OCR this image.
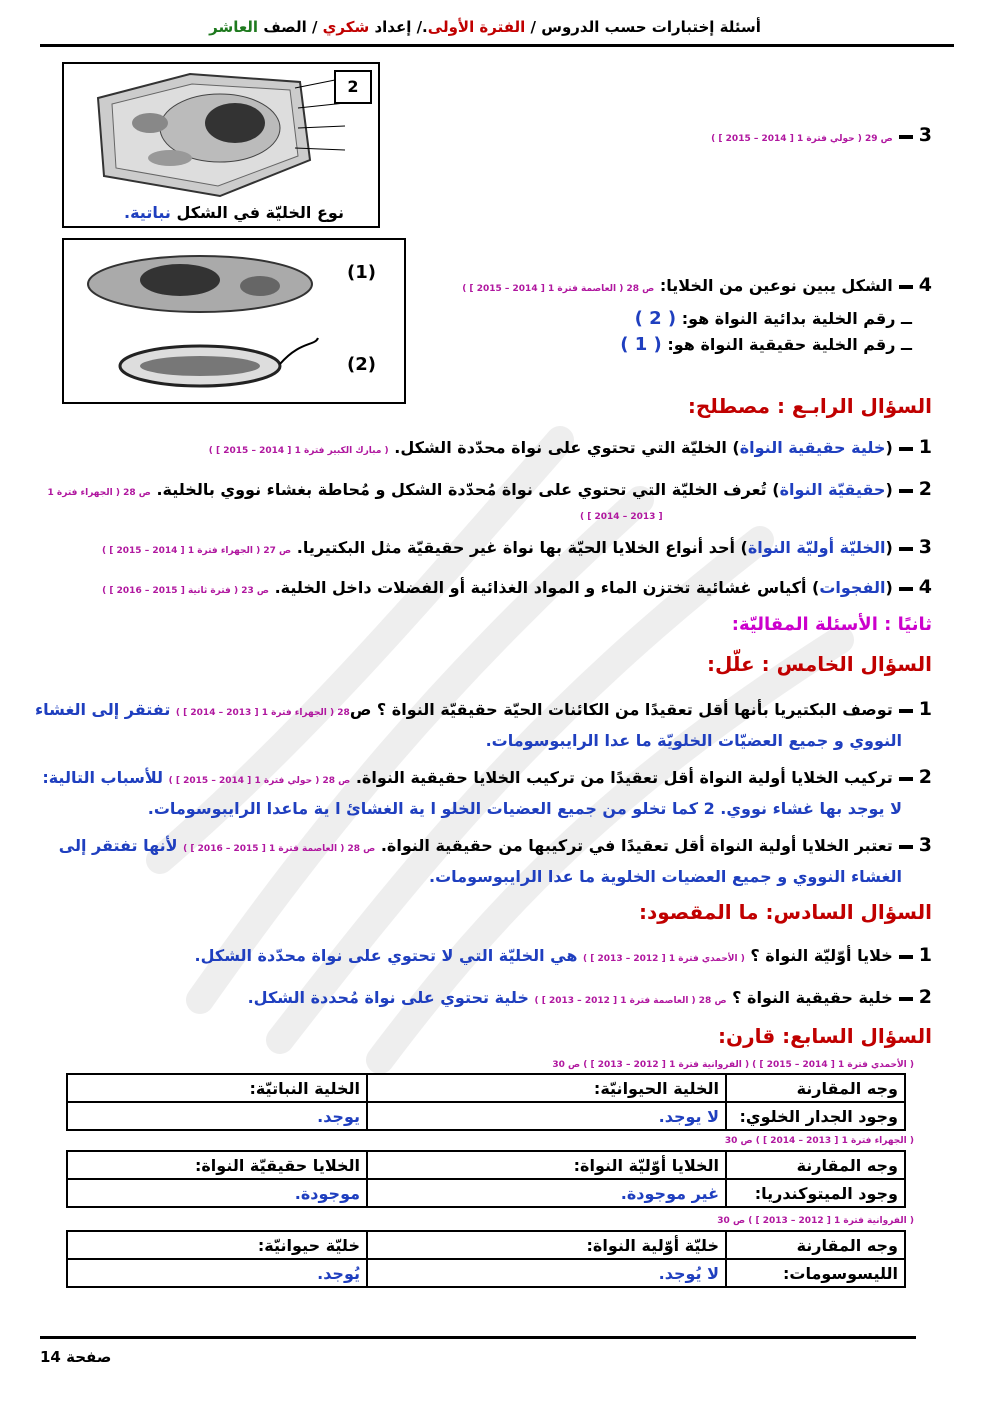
أسئلة إختبارات حسب الدروس / الفترة الأولى./ إعداد شكري / الصف العاشر
2
نوع الخليّة في الشكل نباتية.
3ص 29 ( حولي فترة 1 [ 2014 – 2015 ] )
(1)
(2)
4الشكل يبين نوعين من الخلايا: ص 28 ( العاصمة فترة 1 [ 2014 – 2015 ] )
ــ رقم الخلية بدائية النواة هو: ( 2 )
ــ رقم الخلية حقيقية النواة هو: ( 1 )
السؤال الرابـع : مصطلح:
1(خلية حقيقية النواة) الخليّة التي تحتوي على نواة محدّدة الشكل. ( مبارك الكبير فترة 1 [ 2014 – 2015 ] )
2(حقيقيّة النواة) تُعرف الخليّة التي تحتوي على نواة مُحدّدة الشكل و مُحاطة بغشاء نووي بالخلية. ص 28 ( الجهراء فترة 1
[ 2013 – 2014 ] )
3(الخليّة أوليّة النواة) أحد أنواع الخلايا الحيّة بها نواة غير حقيقيّة مثل البكتيريا. ص 27 ( الجهراء فترة 1 [ 2014 – 2015 ] )
4(الفجوات) أكياس غشائية تختزن الماء و المواد الغذائية أو الفضلات داخل الخلية. ص 23 ( فترة ثانية [ 2015 – 2016 ] )
ثانيًا : الأسئلة المقاليّة:
السؤال الخامس : علّل:
1توصف البكتيريا بأنها أقل تعقيدًا من الكائنات الحيّة حقيقيّة النواة ؟ ص28 ( الجهراء فترة 1 [ 2013 – 2014 ] ) تفتقر إلى الغشاء
النووي و جميع العضيّات الخلويّة ما عدا الرايبوسومات.
2تركيب الخلايا أولية النواة أقل تعقيدًا من تركيب الخلايا حقيقية النواة. ص 28 ( حولي فترة 1 [ 2014 – 2015 ] ) للأسباب التالية:
لا يوجد بها غشاء نووي. 2 كما تخلو من جميع العضيات الخلو ا ية الغشائ ا ية ماعدا الرايبوسومات.
3تعتبر الخلايا أولية النواة أقل تعقيدًا في تركيبها من حقيقية النواة. ص 28 ( العاصمة فترة 1 [ 2015 – 2016 ] ) لأنها تفتقر إلى
الغشاء النووي و جميع العضيات الخلوية ما عدا الرايبوسومات.
السؤال السادس: ما المقصود:
1خلايا أوّليّة النواة ؟ ( الأحمدي فترة 1 [ 2012 – 2013 ] ) هي الخليّة التي لا تحتوي على نواة محدّدة الشكل.
2خلية حقيقية النواة ؟ ص 28 ( العاصمة فترة 1 [ 2012 – 2013 ] ) خلية تحتوي على نواة مُحددة الشكل.
السؤال السابع: قارن:
( الأحمدي فترة 1 [ 2014 – 2015 ] ) ( الفروانية فترة 1 [ 2012 – 2013 ] ) ص 30
وجه المقارنة	الخلية الحيوانيّة:	الخلية النباتيّة:
وجود الجدار الخلوي:	لا يوجد.	يوجد.
( الجهراء فترة 1 [ 2013 – 2014 ] ) ص 30
وجه المقارنة	الخلايا أوّليّة النواة:	الخلايا حقيقيّة النواة:
وجود الميتوكندريا:	غير موجودة.	موجودة.
( الفروانية فترة 1 [ 2012 – 2013 ] ) ص 30
وجه المقارنة	خليّة أوّلية النواة:	خليّة حيوانيّة:
الليسوسومات:	لا يُوجد.	يُوجد.
صفحة 14
